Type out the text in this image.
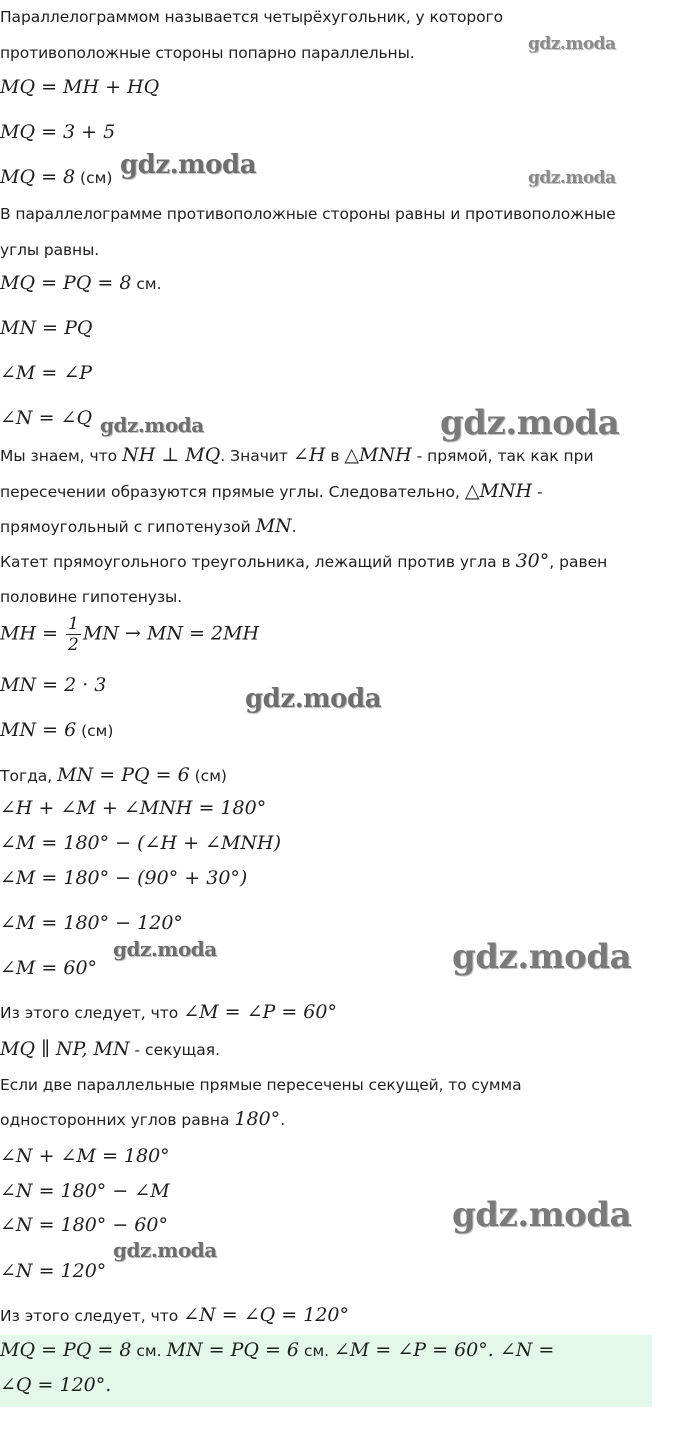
Параллелограммом называется четырёхугольник, у которого
противоположные стороны попарно параллельны.
MQ = MH + HQ
MQ = 3 + 5
MQ = 8 (см)
В параллелограмме противоположные стороны равны и противоположные
углы равны.
MQ = PQ = 8 см.
MN = PQ
∠M = ∠P
∠N = ∠Q
Мы знаем, что NH ⊥ MQ. Значит ∠H в △MNH - прямой, так как при
пересечении образуются прямые углы. Следовательно, △MNH -
прямоугольный с гипотенузой MN.
Катет прямоугольного треугольника, лежащий против угла в 30°, равен
половине гипотенузы.
MH = $\frac{1}{2}$ MN → MN = 2MH
MN = 2 · 3
MN = 6 (см)
Тогда, MN = PQ = 6 (см)
∠H + ∠M + ∠MNH = 180°
∠M = 180° − (∠H + ∠MNH)
∠M = 180° − (90° + 30°)
∠M = 180° − 120°
∠M = 60°
Из этого следует, что ∠M = ∠P = 60°
MQ ∥ NP, MN - секущая.
Если две параллельные прямые пересечены секущей, то сумма
односторонних углов равна 180°.
∠N + ∠M = 180°
∠N = 180° − ∠M
∠N = 180° − 60°
∠N = 120°
Из этого следует, что ∠N = ∠Q = 120°
MQ = PQ = 8 см. MN = PQ = 6 см. ∠M = ∠P = 60°. ∠N =
∠Q = 120°.
gdz.moda
gdz.moda	gdz.moda
gdz.moda	gdz.moda
gdz.moda
gdz.moda	gdz.moda
gdz.moda
gdz.moda
